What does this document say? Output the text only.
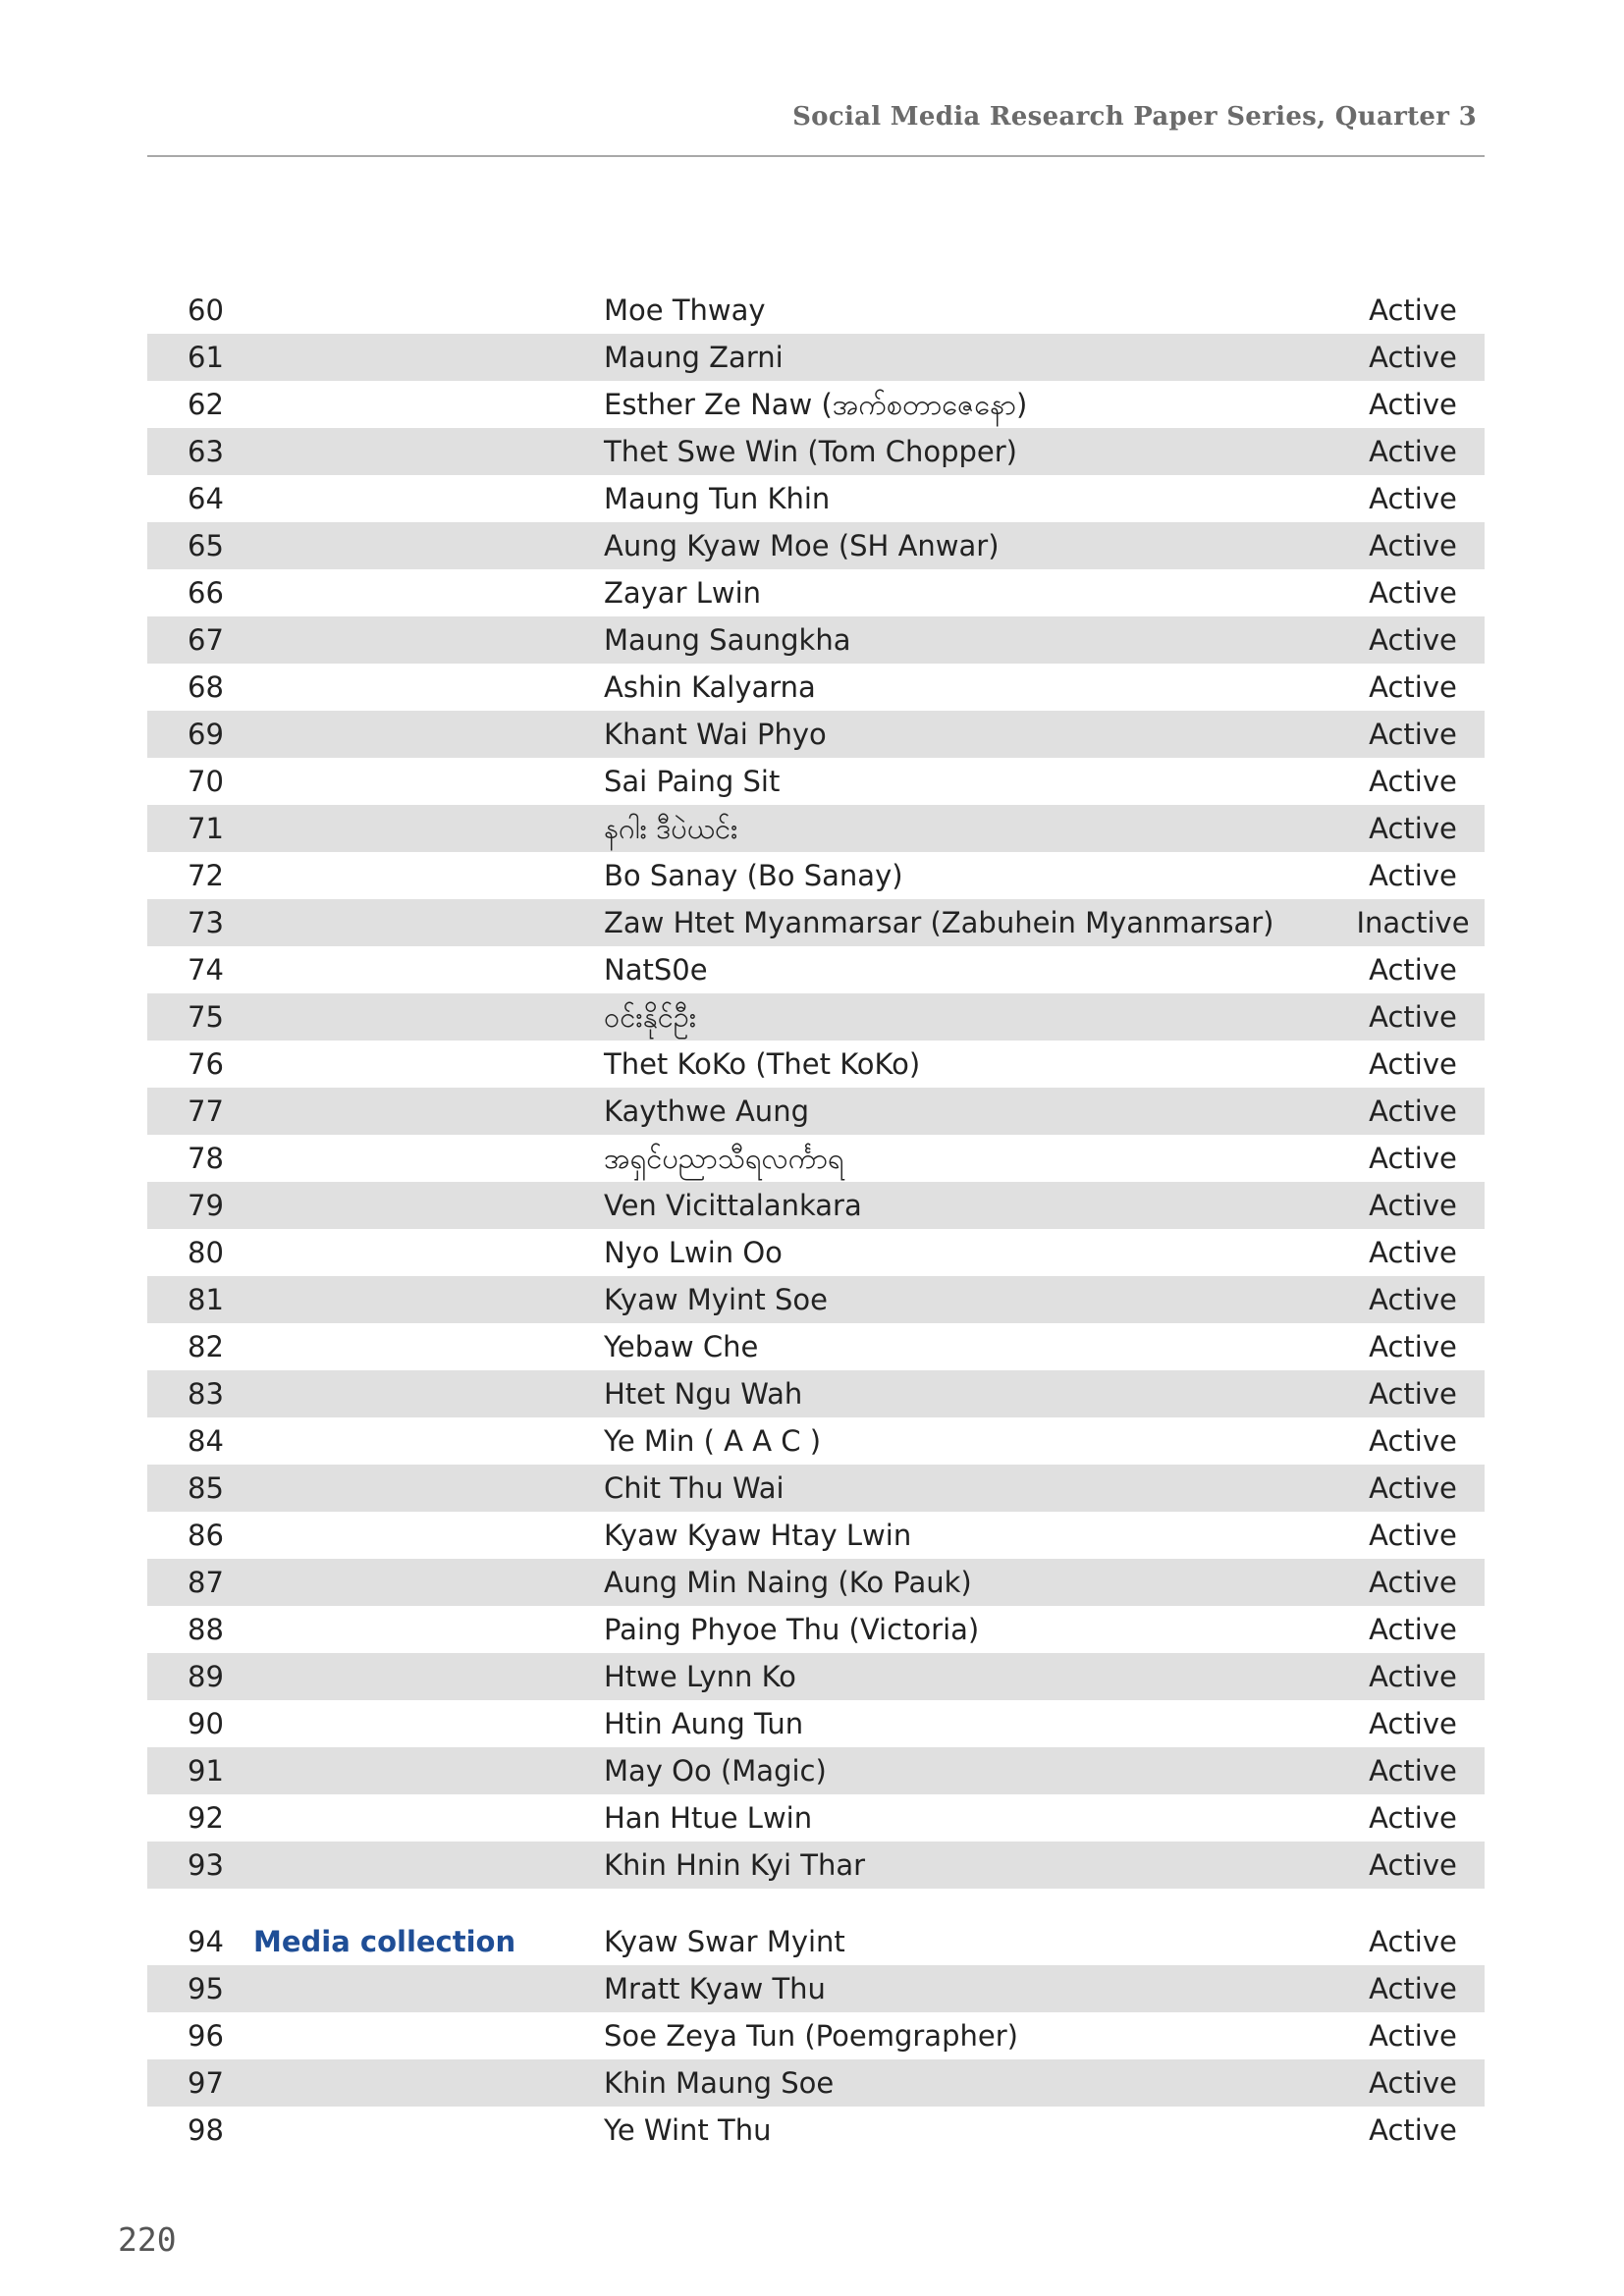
Social Media Research Paper Series, Quarter 3
60	Moe Thway	Active
61	Maung Zarni	Active
62	Esther Ze Naw (အက်စတာဇေနော)	Active
63	Thet Swe Win (Tom Chopper)	Active
64	Maung Tun Khin	Active
65	Aung Kyaw Moe (SH Anwar)	Active
66	Zayar Lwin	Active
67	Maung Saungkha	Active
68	Ashin Kalyarna	Active
69	Khant Wai Phyo	Active
70	Sai Paing Sit	Active
71	နဂါး ဒီပဲယင်း	Active
72	Bo Sanay (Bo Sanay)	Active
73	Zaw Htet Myanmarsar (Zabuhein Myanmarsar)	Inactive
74	NatS0e	Active
75	ဝင်းနိုင်ဦး	Active
76	Thet KoKo (Thet KoKo)	Active
77	Kaythwe Aung	Active
78	အရှင်ပညာသီရလင်္ကာရ	Active
79	Ven Vicittalankara	Active
80	Nyo Lwin Oo	Active
81	Kyaw Myint Soe	Active
82	Yebaw Che	Active
83	Htet Ngu Wah	Active
84	Ye Min ( A A C )	Active
85	Chit Thu Wai	Active
86	Kyaw Kyaw Htay Lwin	Active
87	Aung Min Naing (Ko Pauk)	Active
88	Paing Phyoe Thu (Victoria)	Active
89	Htwe Lynn Ko	Active
90	Htin Aung Tun	Active
91	May Oo (Magic)	Active
92	Han Htue Lwin	Active
93	Khin Hnin Kyi Thar	Active
94 Media collection	Kyaw Swar Myint	Active
95	Mratt Kyaw Thu	Active
96	Soe Zeya Tun (Poemgrapher)	Active
97	Khin Maung Soe	Active
98	Ye Wint Thu	Active
220
